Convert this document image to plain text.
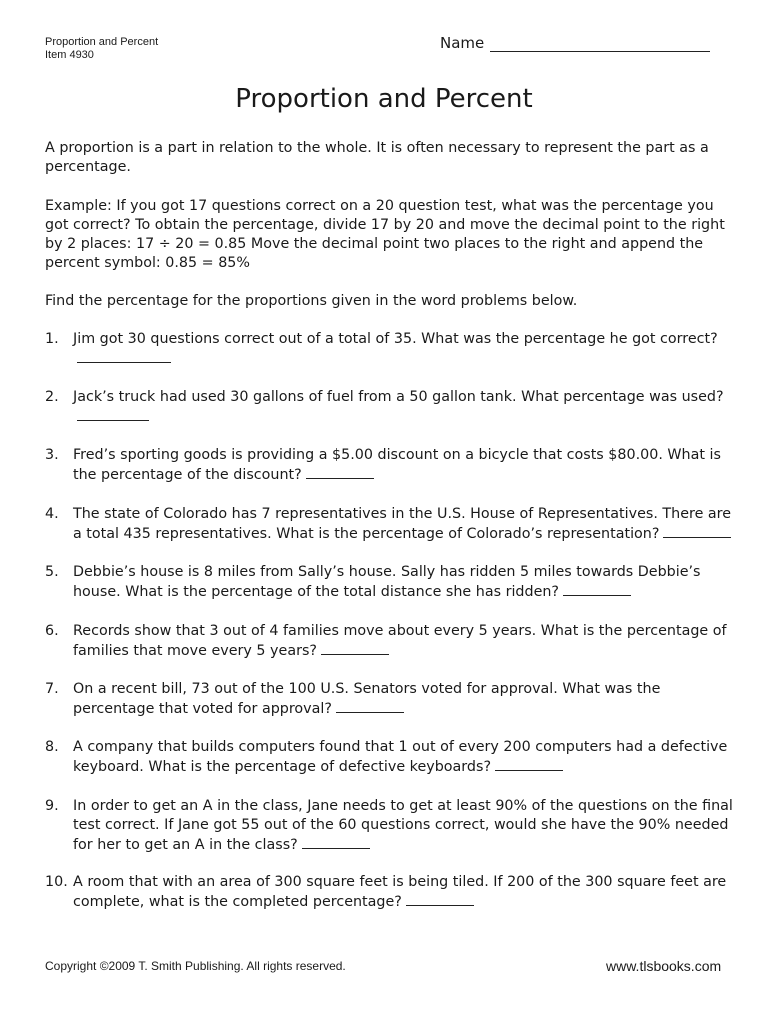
Proportion and Percent
Item 4930
Name
Proportion and Percent

A proportion is a part in relation to the whole. It is often necessary to represent the part as a percentage.

Example: If you got 17 questions correct on a 20 question test, what was the percentage you got correct? To obtain the percentage, divide 17 by 20 and move the decimal point to the right by 2 places: 17 ÷ 20 = 0.85 Move the decimal point two places to the right and append the percent symbol: 0.85 = 85%

Find the percentage for the proportions given in the word problems below.

1.	Jim got 30 questions correct out of a total of 35. What was the percentage he got correct?
2.	Jack’s truck had used 30 gallons of fuel from a 50 gallon tank. What percentage was used?
3.	Fred’s sporting goods is providing a $5.00 discount on a bicycle that costs $80.00. What is the percentage of the discount?
4.	The state of Colorado has 7 representatives in the U.S. House of Representatives. There are a total 435 representatives. What is the percentage of Colorado’s representation?
5.	Debbie’s house is 8 miles from Sally’s house. Sally has ridden 5 miles towards Debbie’s house. What is the percentage of the total distance she has ridden?
6.	Records show that 3 out of 4 families move about every 5 years. What is the percentage of families that move every 5 years?
7.	On a recent bill, 73 out of the 100 U.S. Senators voted for approval. What was the percentage that voted for approval?
8.	A company that builds computers found that 1 out of every 200 computers had a defective keyboard. What is the percentage of defective keyboards?
9.	In order to get an A in the class, Jane needs to get at least 90% of the questions on the final test correct. If Jane got 55 out of the 60 questions correct, would she have the 90% needed for her to get an A in the class?
10. A room that with an area of 300 square feet is being tiled. If 200 of the 300 square feet are complete, what is the completed percentage?
Copyright ©2009 T. Smith Publishing. All rights reserved.	www.tlsbooks.com
